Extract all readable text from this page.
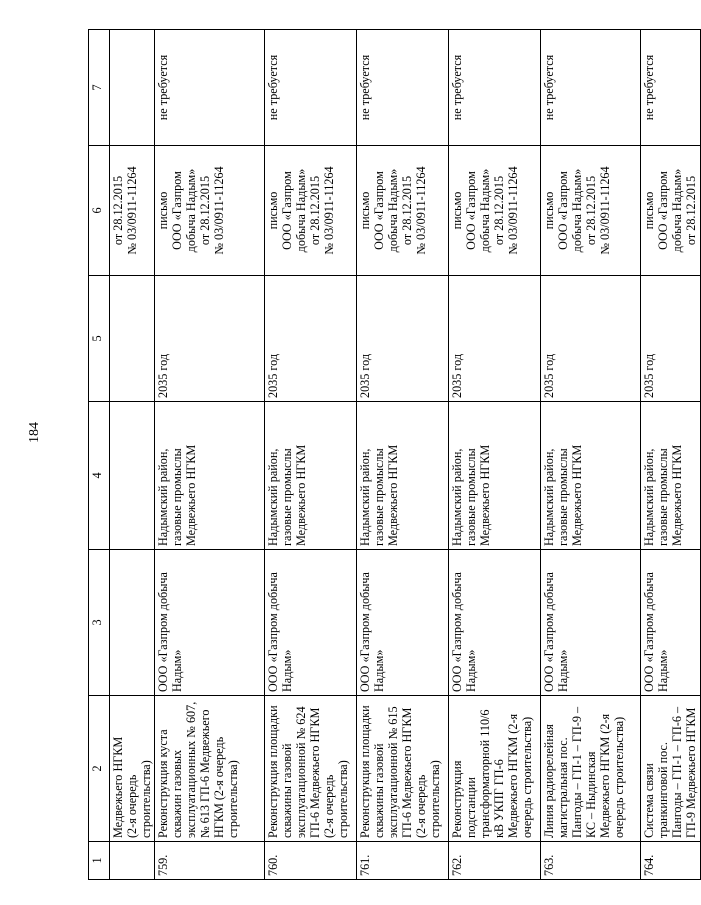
184
1	2	3	4	5	6	7

	Медвежьего НГКМ (2-я очередь строительства)				от 28.12.2015 № 03/0911-11264	

759.	Реконструкция куста скважин газовых эксплуатационных № 607, № 613 ГП-6 Медвежьего НГКМ (2-я очередь строительства)	ООО «Газпром добыча Надым»	Надымский район, газовые промыслы Медвежьего НГКМ	2035 год	письмо ООО «Газпром добыча Надым» от 28.12.2015 № 03/0911-11264	не требуется
760.	Реконструкция площадки скважины газовой эксплуатационной № 624 ГП-6 Медвежьего НГКМ (2-я очередь строительства)	ООО «Газпром добыча Надым»	Надымский район, газовые промыслы Медвежьего НГКМ	2035 год	письмо ООО «Газпром добыча Надым» от 28.12.2015 № 03/0911-11264	не требуется
761.	Реконструкция площадки скважины газовой эксплуатационной № 615 ГП-6 Медвежьего НГКМ (2-я очередь строительства)	ООО «Газпром добыча Надым»	Надымский район, газовые промыслы Медвежьего НГКМ	2035 год	письмо ООО «Газпром добыча Надым» от 28.12.2015 № 03/0911-11264	не требуется
762.	Реконструкция подстанции трансформаторной 110/6 кВ УКПГ ГП-6 Медвежьего НГКМ (2-я очередь строительства)	ООО «Газпром добыча Надым»	Надымский район, газовые промыслы Медвежьего НГКМ	2035 год	письмо ООО «Газпром добыча Надым» от 28.12.2015 № 03/0911-11264	не требуется
763.	Линия радиорелейная магистральная пос. Пангоды – ГП-1 – ГП-9 – КС – Ныдинская Медвежьего НГКМ (2-я очередь строительства)	ООО «Газпром добыча Надым»	Надымский район, газовые промыслы Медвежьего НГКМ	2035 год	письмо ООО «Газпром добыча Надым» от 28.12.2015 № 03/0911-11264	не требуется
764.	Система связи транкинговой пос. Пангоды – ГП-1 – ГП-6 – ГП-9 Медвежьего НГКМ	ООО «Газпром добыча Надым»	Надымский район, газовые промыслы Медвежьего НГКМ	2035 год	письмо ООО «Газпром добыча Надым» от 28.12.2015	не требуется
